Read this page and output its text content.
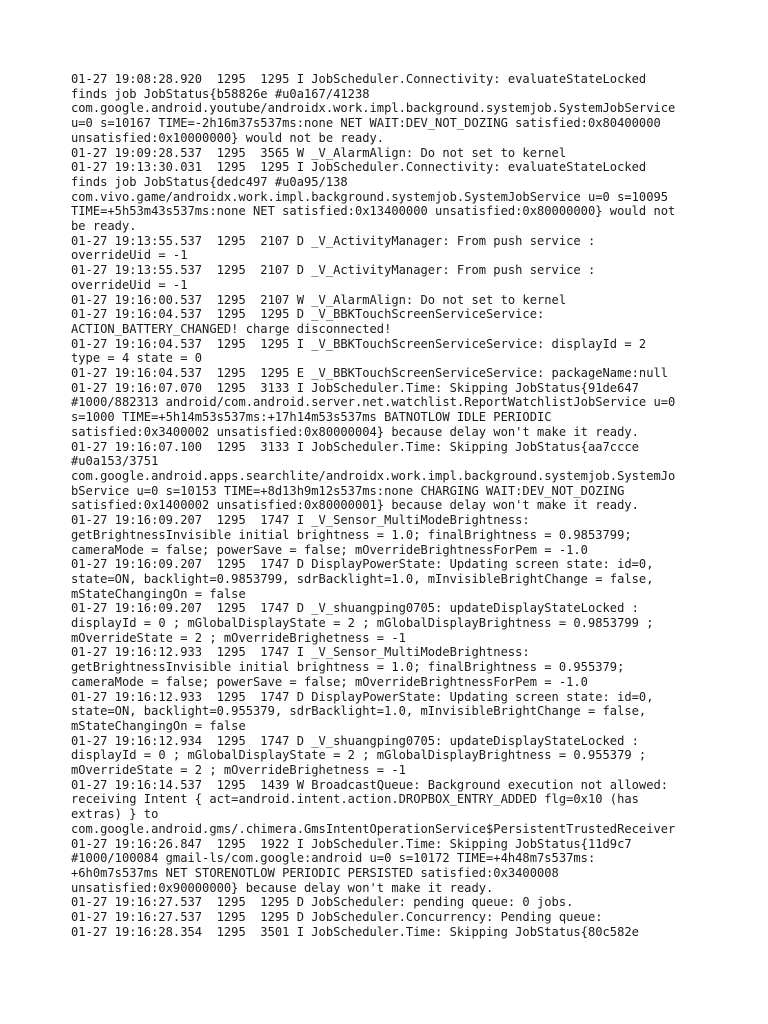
01-27 19:08:28.920  1295  1295 I JobScheduler.Connectivity: evaluateStateLocked
finds job JobStatus{b58826e #u0a167/41238
com.google.android.youtube/androidx.work.impl.background.systemjob.SystemJobService
u=0 s=10167 TIME=-2h16m37s537ms:none NET WAIT:DEV_NOT_DOZING satisfied:0x80400000
unsatisfied:0x10000000} would not be ready.
01-27 19:09:28.537  1295  3565 W _V_AlarmAlign: Do not set to kernel
01-27 19:13:30.031  1295  1295 I JobScheduler.Connectivity: evaluateStateLocked
finds job JobStatus{dedc497 #u0a95/138
com.vivo.game/androidx.work.impl.background.systemjob.SystemJobService u=0 s=10095
TIME=+5h53m43s537ms:none NET satisfied:0x13400000 unsatisfied:0x80000000} would not
be ready.
01-27 19:13:55.537  1295  2107 D _V_ActivityManager: From push service :
overrideUid = -1
01-27 19:13:55.537  1295  2107 D _V_ActivityManager: From push service :
overrideUid = -1
01-27 19:16:00.537  1295  2107 W _V_AlarmAlign: Do not set to kernel
01-27 19:16:04.537  1295  1295 D _V_BBKTouchScreenServiceService:
ACTION_BATTERY_CHANGED! charge disconnected!
01-27 19:16:04.537  1295  1295 I _V_BBKTouchScreenServiceService: displayId = 2
type = 4 state = 0
01-27 19:16:04.537  1295  1295 E _V_BBKTouchScreenServiceService: packageName:null
01-27 19:16:07.070  1295  3133 I JobScheduler.Time: Skipping JobStatus{91de647
#1000/882313 android/com.android.server.net.watchlist.ReportWatchlistJobService u=0
s=1000 TIME=+5h14m53s537ms:+17h14m53s537ms BATNOTLOW IDLE PERIODIC
satisfied:0x3400002 unsatisfied:0x80000004} because delay won't make it ready.
01-27 19:16:07.100  1295  3133 I JobScheduler.Time: Skipping JobStatus{aa7ccce
#u0a153/3751
com.google.android.apps.searchlite/androidx.work.impl.background.systemjob.SystemJo
bService u=0 s=10153 TIME=+8d13h9m12s537ms:none CHARGING WAIT:DEV_NOT_DOZING
satisfied:0x1400002 unsatisfied:0x80000001} because delay won't make it ready.
01-27 19:16:09.207  1295  1747 I _V_Sensor_MultiModeBrightness:
getBrightnessInvisible initial brightness = 1.0; finalBrightness = 0.9853799;
cameraMode = false; powerSave = false; mOverrideBrightnessForPem = -1.0
01-27 19:16:09.207  1295  1747 D DisplayPowerState: Updating screen state: id=0,
state=ON, backlight=0.9853799, sdrBacklight=1.0, mInvisibleBrightChange = false,
mStateChangingOn = false
01-27 19:16:09.207  1295  1747 D _V_shuangping0705: updateDisplayStateLocked :
displayId = 0 ; mGlobalDisplayState = 2 ; mGlobalDisplayBrightness = 0.9853799 ;
mOverrideState = 2 ; mOverrideBrighetness = -1
01-27 19:16:12.933  1295  1747 I _V_Sensor_MultiModeBrightness:
getBrightnessInvisible initial brightness = 1.0; finalBrightness = 0.955379;
cameraMode = false; powerSave = false; mOverrideBrightnessForPem = -1.0
01-27 19:16:12.933  1295  1747 D DisplayPowerState: Updating screen state: id=0,
state=ON, backlight=0.955379, sdrBacklight=1.0, mInvisibleBrightChange = false,
mStateChangingOn = false
01-27 19:16:12.934  1295  1747 D _V_shuangping0705: updateDisplayStateLocked :
displayId = 0 ; mGlobalDisplayState = 2 ; mGlobalDisplayBrightness = 0.955379 ;
mOverrideState = 2 ; mOverrideBrighetness = -1
01-27 19:16:14.537  1295  1439 W BroadcastQueue: Background execution not allowed:
receiving Intent { act=android.intent.action.DROPBOX_ENTRY_ADDED flg=0x10 (has
extras) } to
com.google.android.gms/.chimera.GmsIntentOperationService$PersistentTrustedReceiver
01-27 19:16:26.847  1295  1922 I JobScheduler.Time: Skipping JobStatus{11d9c7
#1000/100084 gmail-ls/com.google:android u=0 s=10172 TIME=+4h48m7s537ms:
+6h0m7s537ms NET STORENOTLOW PERIODIC PERSISTED satisfied:0x3400008
unsatisfied:0x90000000} because delay won't make it ready.
01-27 19:16:27.537  1295  1295 D JobScheduler: pending queue: 0 jobs.
01-27 19:16:27.537  1295  1295 D JobScheduler.Concurrency: Pending queue:
01-27 19:16:28.354  1295  3501 I JobScheduler.Time: Skipping JobStatus{80c582e
